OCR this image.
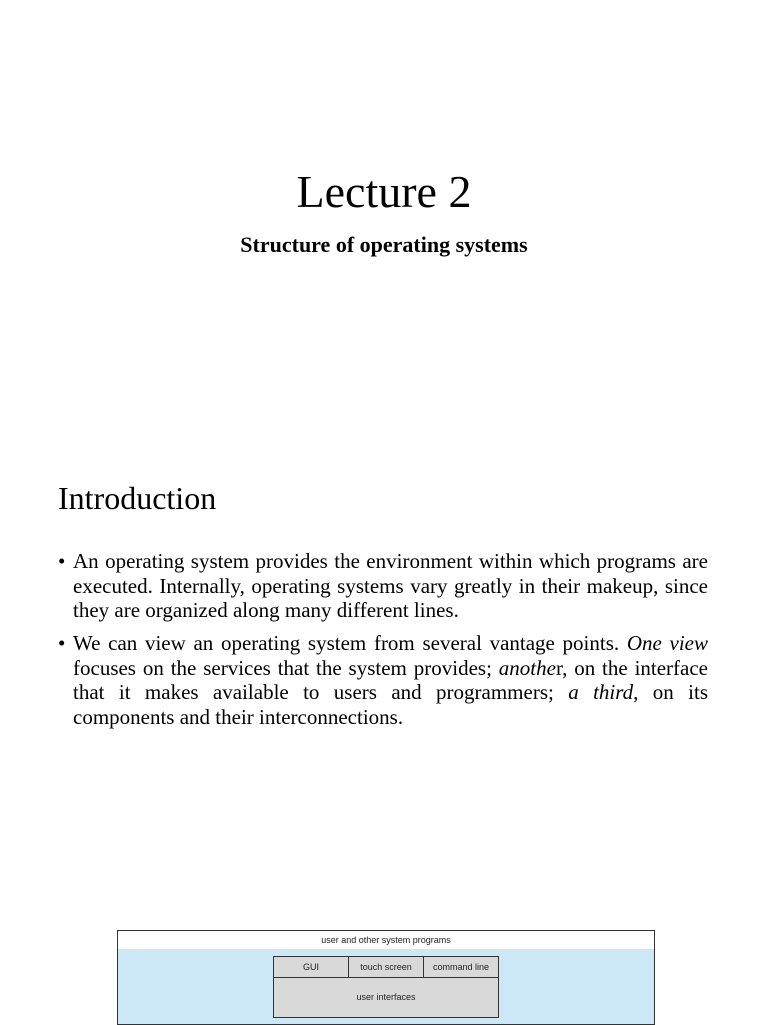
Lecture 2
Structure of operating systems
Introduction
• An operating system provides the environment within which programs are executed. Internally, operating systems vary greatly in their makeup, since they are organized along many different lines.
• We can view an operating system from several vantage points. One view focuses on the services that the system provides; another, on the interface that it makes available to users and programmers; a third, on its components and their interconnections.
user and other system programs
GUI	touch screen	command line
user interfaces
